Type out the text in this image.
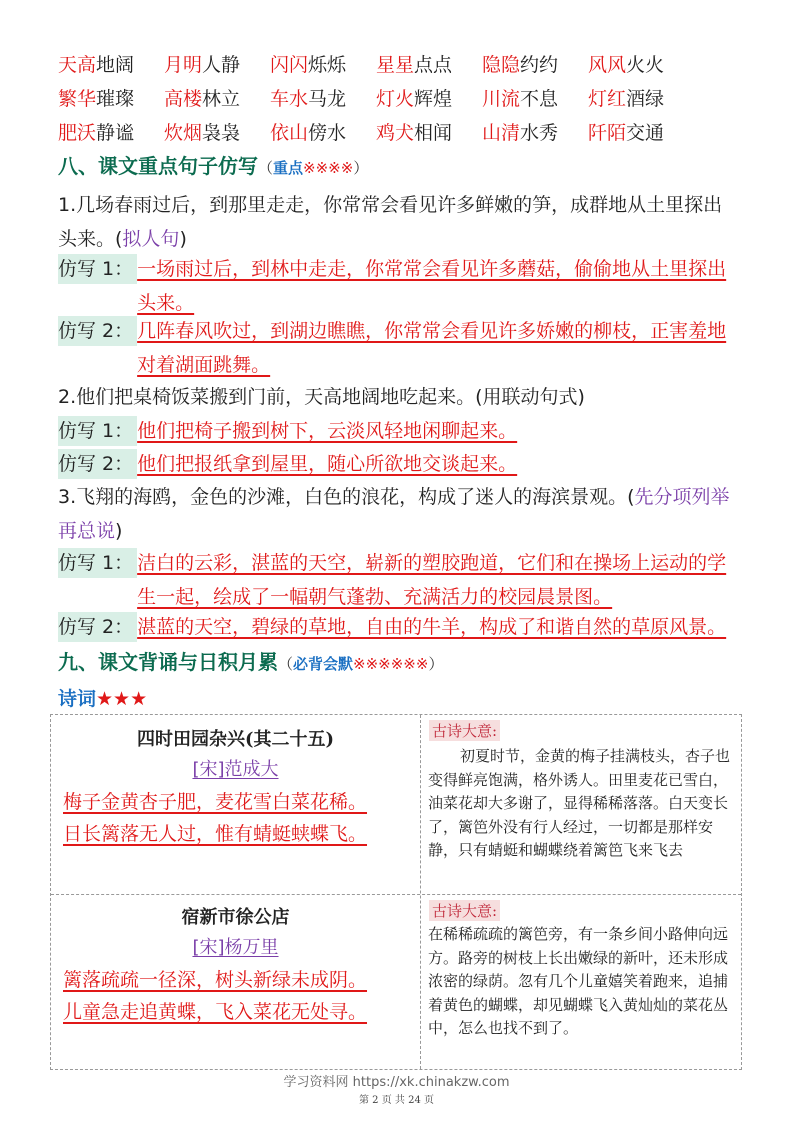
天高地阔	月明人静	闪闪烁烁	星星点点	隐隐约约	风风火火
繁华璀璨	高楼林立	车水马龙	灯火辉煌	川流不息	灯红酒绿
肥沃静谧	炊烟袅袅	依山傍水	鸡犬相闻	山清水秀	阡陌交通
八、课文重点句子仿写（重点※※※※）
1.几场春雨过后，到那里走走，你常常会看见许多鲜嫩的笋，成群地从土里探出头来。(拟人句)
仿写 1： 一场雨过后，到林中走走，你常常会看见许多蘑菇，偷偷地从土里探出头来。
仿写 2： 几阵春风吹过，到湖边瞧瞧，你常常会看见许多娇嫩的柳枝，正害羞地对着湖面跳舞。
2.他们把桌椅饭菜搬到门前，天高地阔地吃起来。(用联动句式)
仿写 1： 他们把椅子搬到树下，云淡风轻地闲聊起来。
仿写 2： 他们把报纸拿到屋里，随心所欲地交谈起来。
3.飞翔的海鸥，金色的沙滩，白色的浪花，构成了迷人的海滨景观。(先分项列举再总说)
仿写 1： 洁白的云彩，湛蓝的天空，崭新的塑胶跑道，它们和在操场上运动的学生一起，绘成了一幅朝气蓬勃、充满活力的校园晨景图。
仿写 2： 湛蓝的天空，碧绿的草地，自由的牛羊，构成了和谐自然的草原风景。
九、课文背诵与日积月累（必背会默※※※※※※）
诗词★★★
四时田园杂兴(其二十五)
[宋]范成大
梅子金黄杏子肥，麦花雪白菜花稀。
日长篱落无人过，惟有蜻蜓蛱蝶飞。
古诗大意:
初夏时节，金黄的梅子挂满枝头，杏子也变得鲜亮饱满，格外诱人。田里麦花已雪白，油菜花却大多谢了，显得稀稀落落。白天变长了，篱笆外没有行人经过，一切都是那样安静，只有蜻蜓和蝴蝶绕着篱笆飞来飞去
宿新市徐公店
[宋]杨万里
篱落疏疏一径深，树头新绿未成阴。
儿童急走追黄蝶，飞入菜花无处寻。
古诗大意:
在稀稀疏疏的篱笆旁，有一条乡间小路伸向远方。路旁的树枝上长出嫩绿的新叶，还未形成浓密的绿荫。忽有几个儿童嬉笑着跑来，追捕着黄色的蝴蝶，却见蝴蝶飞入黄灿灿的菜花丛中，怎么也找不到了。
学习资料网 https://xk.chinakzw.com
第 2 页 共 24 页
